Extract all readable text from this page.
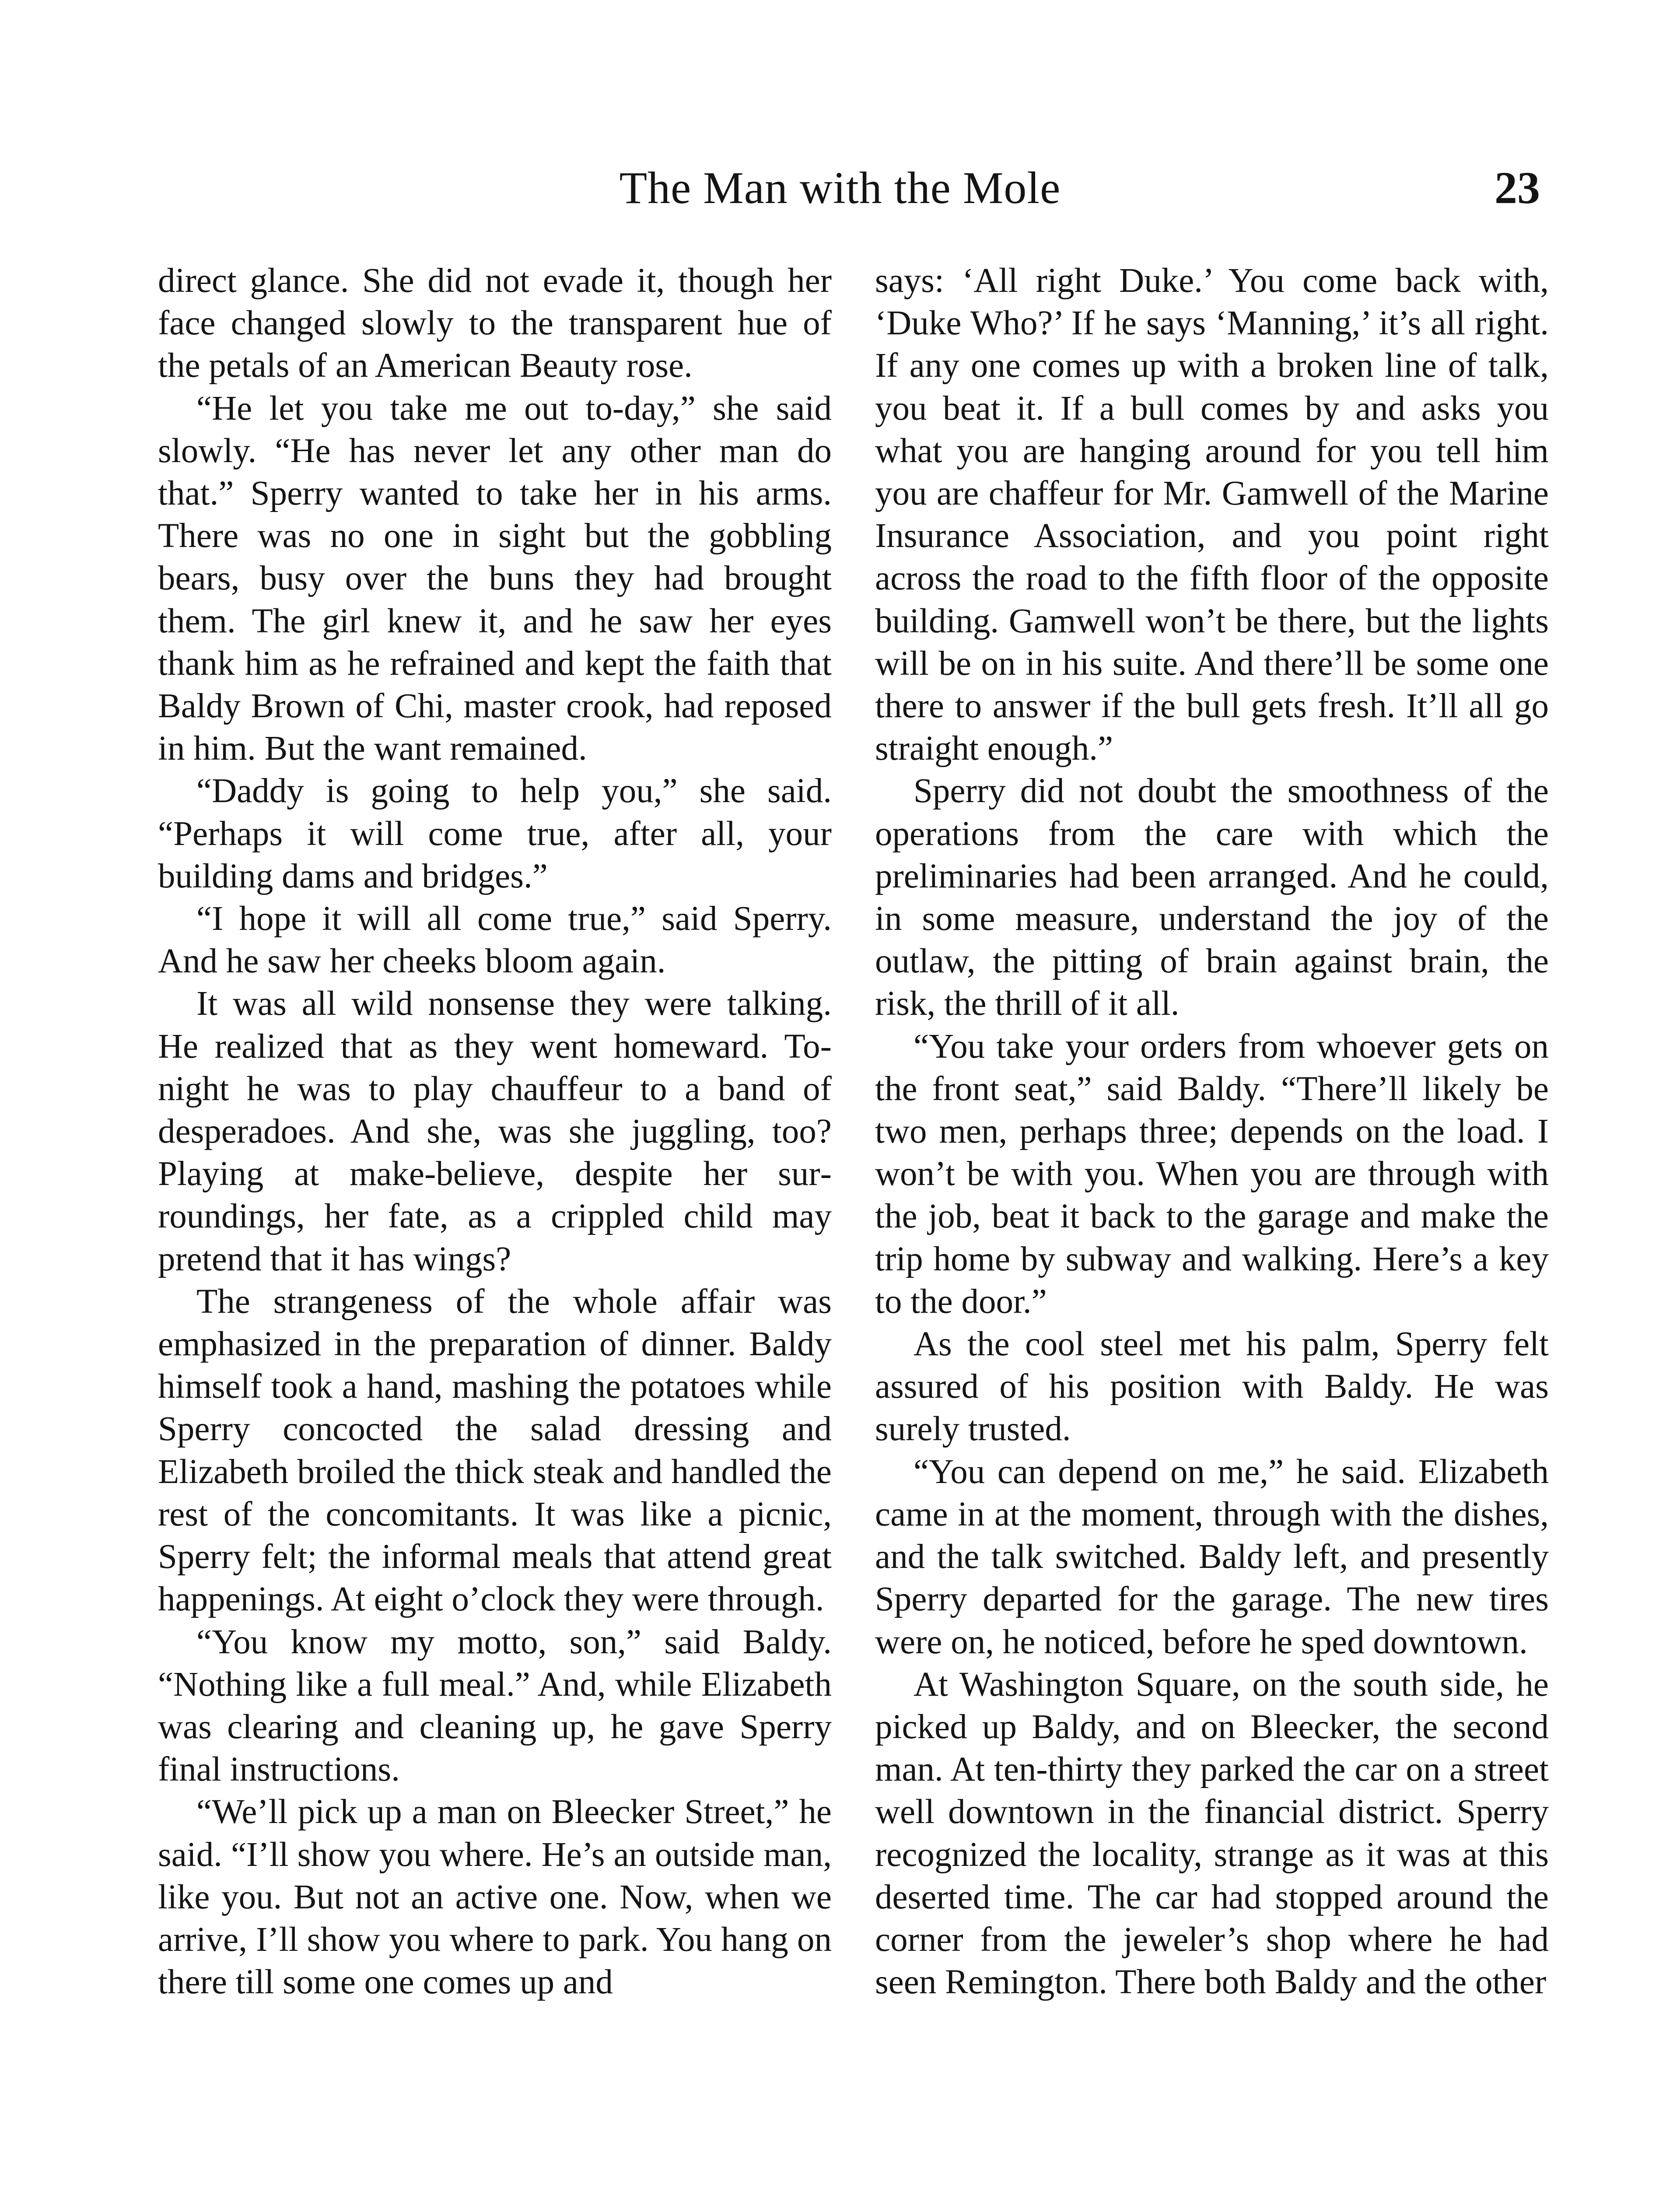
The Man with the Mole	23

direct glance. She did not evade it, though her face changed slowly to the transparent hue of the petals of an American Beauty rose.

“He let you take me out to-day,” she said slowly. “He has never let any other man do that.” Sperry wanted to take her in his arms. There was no one in sight but the gobbling bears, busy over the buns they had brought them. The girl knew it, and he saw her eyes thank him as he refrained and kept the faith that Baldy Brown of Chi, master crook, had reposed in him. But the want remained.

“Daddy is going to help you,” she said. “Perhaps it will come true, after all, your building dams and bridges.”

“I hope it will all come true,” said Sperry. And he saw her cheeks bloom again.

It was all wild nonsense they were talking. He realized that as they went homeward. To-night he was to play chauffeur to a band of desperadoes. And she, was she juggling, too? Playing at make-believe, despite her surroundings, her fate, as a crippled child may pretend that it has wings?

The strangeness of the whole affair was emphasized in the preparation of dinner. Baldy himself took a hand, mashing the potatoes while Sperry concocted the salad dressing and Elizabeth broiled the thick steak and handled the rest of the concomitants. It was like a picnic, Sperry felt; the informal meals that attend great happenings. At eight o’clock they were through.

“You know my motto, son,” said Baldy. “Nothing like a full meal.” And, while Elizabeth was clearing and cleaning up, he gave Sperry final instructions.

“We’ll pick up a man on Bleecker Street,” he said. “I’ll show you where. He’s an outside man, like you. But not an active one. Now, when we arrive, I’ll show you where to park. You hang on there till some one comes up and

says: ‘All right Duke.’ You come back with, ‘Duke Who?’ If he says ‘Manning,’ it’s all right. If any one comes up with a broken line of talk, you beat it. If a bull comes by and asks you what you are hanging around for you tell him you are chaffeur for Mr. Gamwell of the Marine Insurance Association, and you point right across the road to the fifth floor of the opposite building. Gamwell won’t be there, but the lights will be on in his suite. And there’ll be some one there to answer if the bull gets fresh. It’ll all go straight enough.”

Sperry did not doubt the smoothness of the operations from the care with which the preliminaries had been arranged. And he could, in some measure, understand the joy of the outlaw, the pitting of brain against brain, the risk, the thrill of it all.

“You take your orders from whoever gets on the front seat,” said Baldy. “There’ll likely be two men, perhaps three; depends on the load. I won’t be with you. When you are through with the job, beat it back to the garage and make the trip home by subway and walking. Here’s a key to the door.”

As the cool steel met his palm, Sperry felt assured of his position with Baldy. He was surely trusted.

“You can depend on me,” he said. Elizabeth came in at the moment, through with the dishes, and the talk switched. Baldy left, and presently Sperry departed for the garage. The new tires were on, he noticed, before he sped downtown.

At Washington Square, on the south side, he picked up Baldy, and on Bleecker, the second man. At ten-thirty they parked the car on a street well downtown in the financial district. Sperry recognized the locality, strange as it was at this deserted time. The car had stopped around the corner from the jeweler’s shop where he had seen Remington. There both Baldy and the other
